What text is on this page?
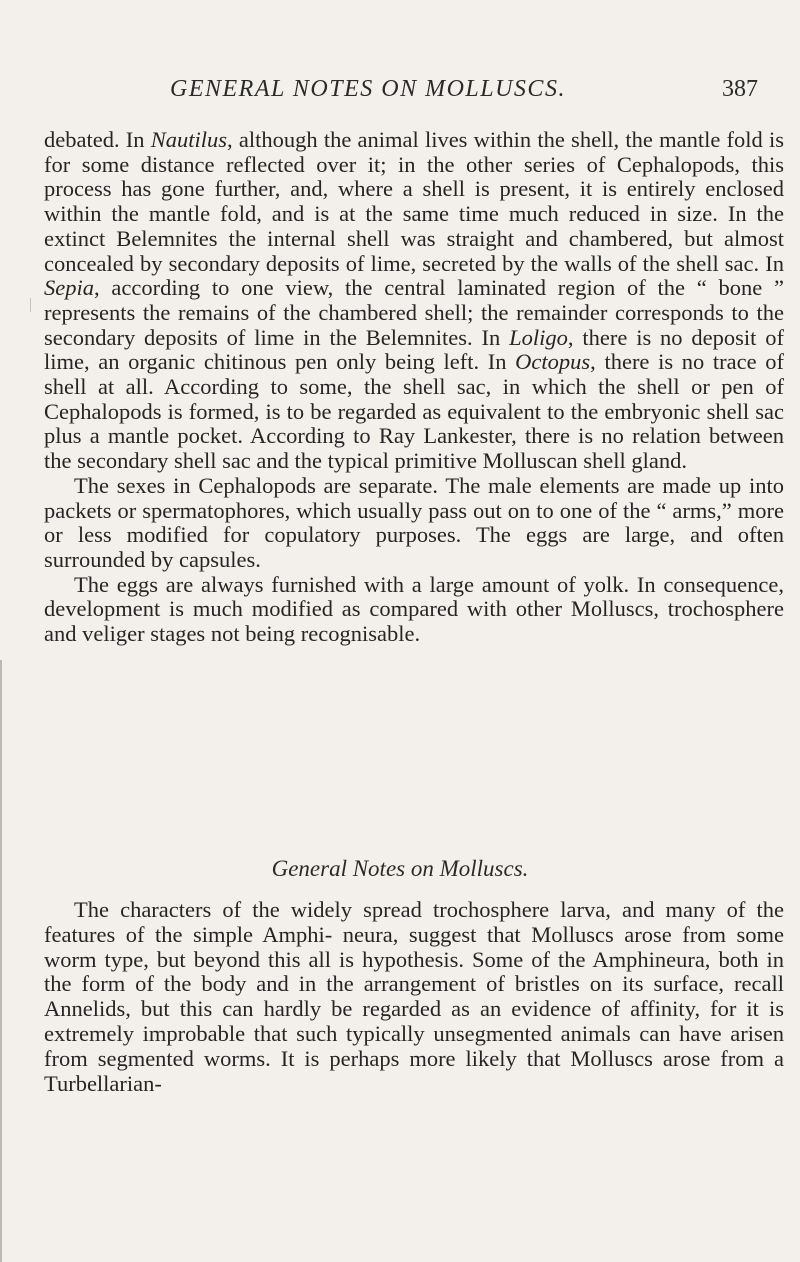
GENERAL NOTES ON MOLLUSCS.	387

debated. In Nautilus, although the animal lives within the shell, the mantle fold is for some distance reflected over it; in the other series of Cephalopods, this process has gone further, and, where a shell is present, it is entirely enclosed within the mantle fold, and is at the same time much reduced in size. In the extinct Belemnites the internal shell was straight and chambered, but almost concealed by secondary deposits of lime, secreted by the walls of the shell sac. In Sepia, according to one view, the central laminated region of the “ bone ” represents the remains of the chambered shell; the remainder corresponds to the secondary deposits of lime in the Belemnites. In Loligo, there is no deposit of lime, an organic chitinous pen only being left. In Octopus, there is no trace of shell at all. According to some, the shell sac, in which the shell or pen of Cephalopods is formed, is to be regarded as equivalent to the embryonic shell sac plus a mantle pocket. According to Ray Lankester, there is no relation between the secondary shell sac and the typical primitive Molluscan shell gland.

The sexes in Cephalopods are separate. The male elements are made up into packets or spermatophores, which usually pass out on to one of the “ arms,” more or less modified for copulatory purposes. The eggs are large, and often surrounded by capsules.

The eggs are always furnished with a large amount of yolk. In consequence, development is much modified as compared with other Molluscs, trochosphere and veliger stages not being recognisable.

General Notes on Molluscs.

The characters of the widely spread trochosphere larva, and many of the features of the simple Amphi- neura, suggest that Molluscs arose from some worm type, but beyond this all is hypothesis. Some of the Amphineura, both in the form of the body and in the arrangement of bristles on its surface, recall Annelids, but this can hardly be regarded as an evidence of affinity, for it is extremely improbable that such typically unsegmented animals can have arisen from segmented worms. It is perhaps more likely that Molluscs arose from a Turbellarian-
